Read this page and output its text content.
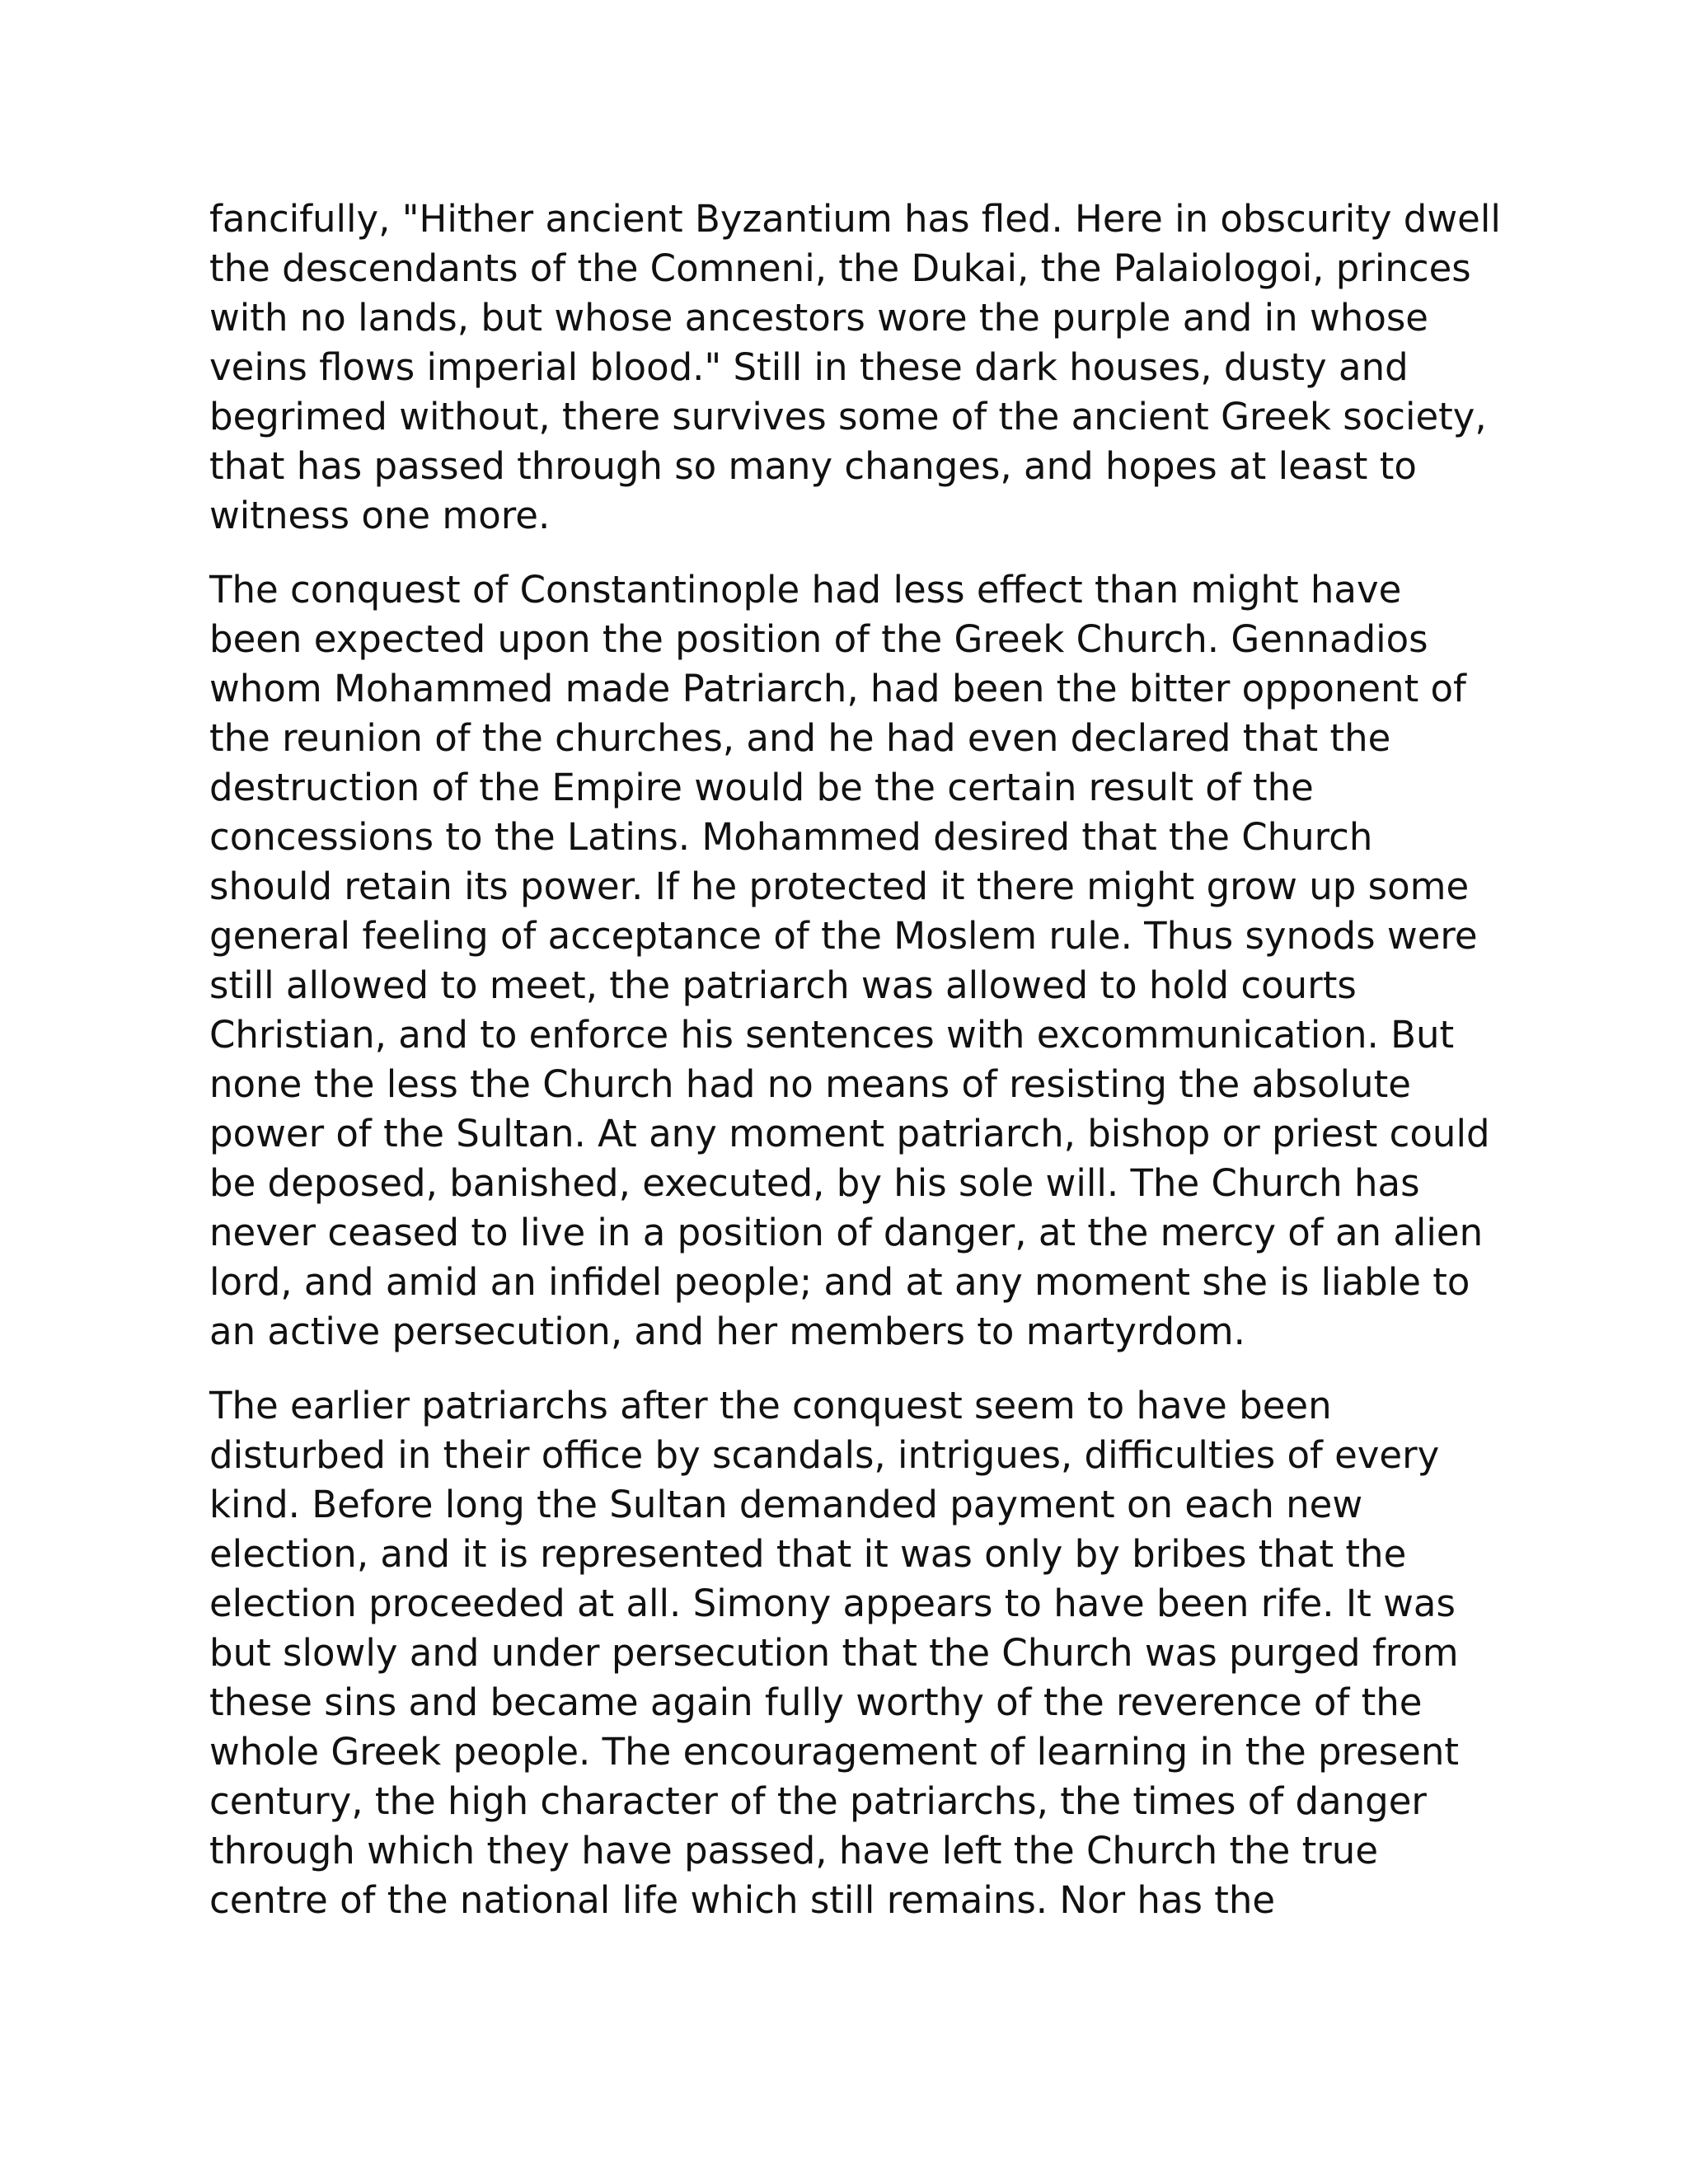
fancifully, "Hither ancient Byzantium has fled. Here in obscurity dwell
the descendants of the Comneni, the Dukai, the Palaiologoi, princes
with no lands, but whose ancestors wore the purple and in whose
veins flows imperial blood." Still in these dark houses, dusty and
begrimed without, there survives some of the ancient Greek society,
that has passed through so many changes, and hopes at least to
witness one more.

The conquest of Constantinople had less effect than might have
been expected upon the position of the Greek Church. Gennadios
whom Mohammed made Patriarch, had been the bitter opponent of
the reunion of the churches, and he had even declared that the
destruction of the Empire would be the certain result of the
concessions to the Latins. Mohammed desired that the Church
should retain its power. If he protected it there might grow up some
general feeling of acceptance of the Moslem rule. Thus synods were
still allowed to meet, the patriarch was allowed to hold courts
Christian, and to enforce his sentences with excommunication. But
none the less the Church had no means of resisting the absolute
power of the Sultan. At any moment patriarch, bishop or priest could
be deposed, banished, executed, by his sole will. The Church has
never ceased to live in a position of danger, at the mercy of an alien
lord, and amid an infidel people; and at any moment she is liable to
an active persecution, and her members to martyrdom.

The earlier patriarchs after the conquest seem to have been
disturbed in their office by scandals, intrigues, difficulties of every
kind. Before long the Sultan demanded payment on each new
election, and it is represented that it was only by bribes that the
election proceeded at all. Simony appears to have been rife. It was
but slowly and under persecution that the Church was purged from
these sins and became again fully worthy of the reverence of the
whole Greek people. The encouragement of learning in the present
century, the high character of the patriarchs, the times of danger
through which they have passed, have left the Church the true
centre of the national life which still remains. Nor has the
